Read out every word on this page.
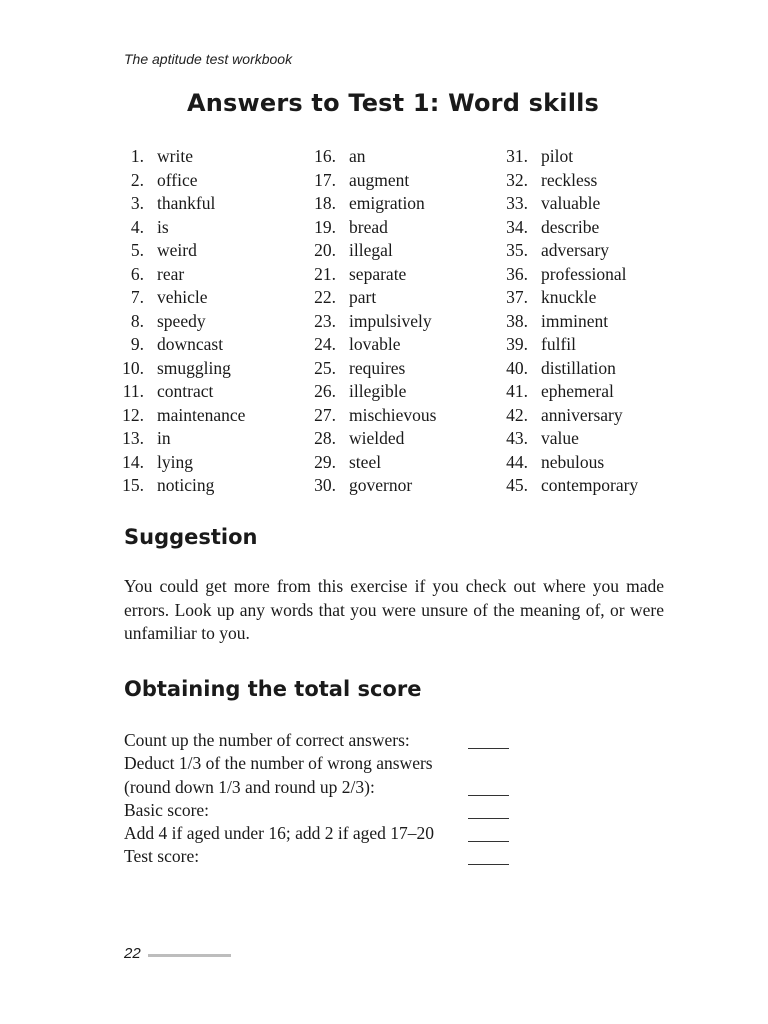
The aptitude test workbook
Answers to Test 1: Word skills
1. write
2. office
3. thankful
4. is
5. weird
6. rear
7. vehicle
8. speedy
9. downcast
10. smuggling
11. contract
12. maintenance
13. in
14. lying
15. noticing
16. an
17. augment
18. emigration
19. bread
20. illegal
21. separate
22. part
23. impulsively
24. lovable
25. requires
26. illegible
27. mischievous
28. wielded
29. steel
30. governor
31. pilot
32. reckless
33. valuable
34. describe
35. adversary
36. professional
37. knuckle
38. imminent
39. fulfil
40. distillation
41. ephemeral
42. anniversary
43. value
44. nebulous
45. contemporary
Suggestion

You could get more from this exercise if you check out where you made errors. Look up any words that you were unsure of the meaning of, or were unfamiliar to you.

Obtaining the total score
Count up the number of correct answers:
Deduct 1/3 of the number of wrong answers
(round down 1/3 and round up 2/3):
Basic score:
Add 4 if aged under 16; add 2 if aged 17–20
Test score:
22
